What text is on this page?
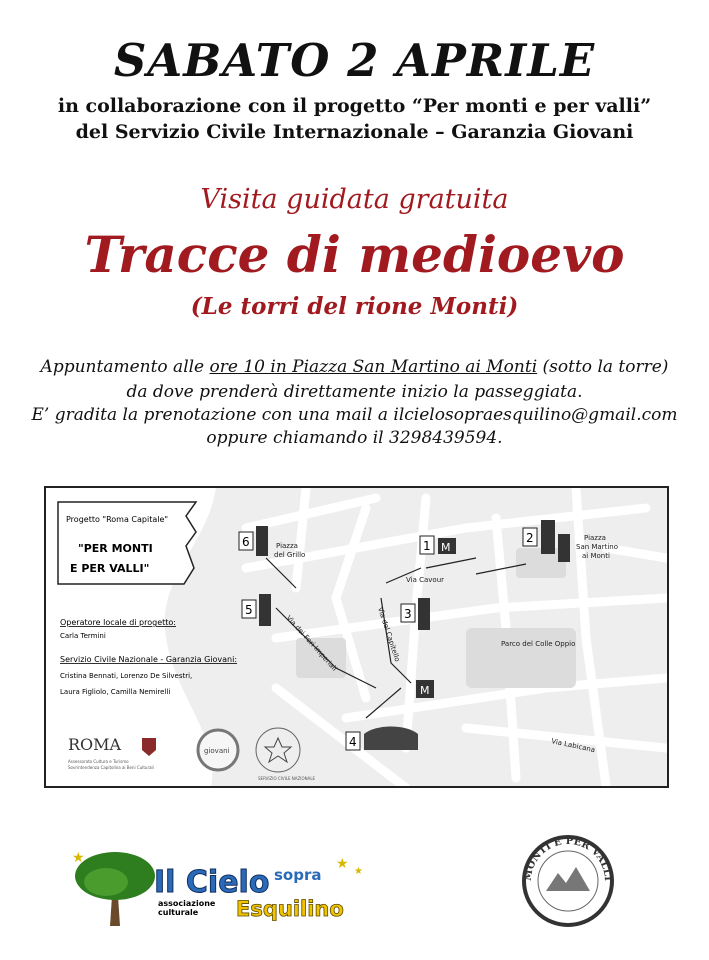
SABATO 2 APRILE
in collaborazione con il progetto “Per monti e per valli”
del Servizio Civile Internazionale – Garanzia Giovani
Visita guidata gratuita
Tracce di medioevo
(Le torri del rione Monti)
Appuntamento alle ore 10 in Piazza San Martino ai Monti (sotto la torre)
da dove prenderà direttamente inizio la passeggiata.
E’ gradita la prenotazione con una mail a ilcielosopraesquilino@gmail.com
oppure chiamando il 3298439594.
Progetto "Roma Capitale"
"PER MONTI
E PER VALLI"
Operatore locale di progetto:
Carla Termini
Servizio Civile Nazionale - Garanzia Giovani:
Cristina Bennati, Lorenzo De Silvestri,
Laura Figliolo, Camilla Nemirelli
ROMA
Assessorato Cultura e Turismo
Sovrintendenza Capitolina ai Beni Culturali
giovani
SERVIZIO CIVILE NAZIONALE
6
5
1 M
2
3
M
4
Piazza
del Grillo
Via Cavour
Piazza
San Martino
ai Monti
Via dei Fori Imperiali	Via del Capitello	Parco del Colle Oppio
Via Labicana
★
Il Cielo sopra
Esquilino
associazione
culturale
★ ★	MONTI E PER VALLI
